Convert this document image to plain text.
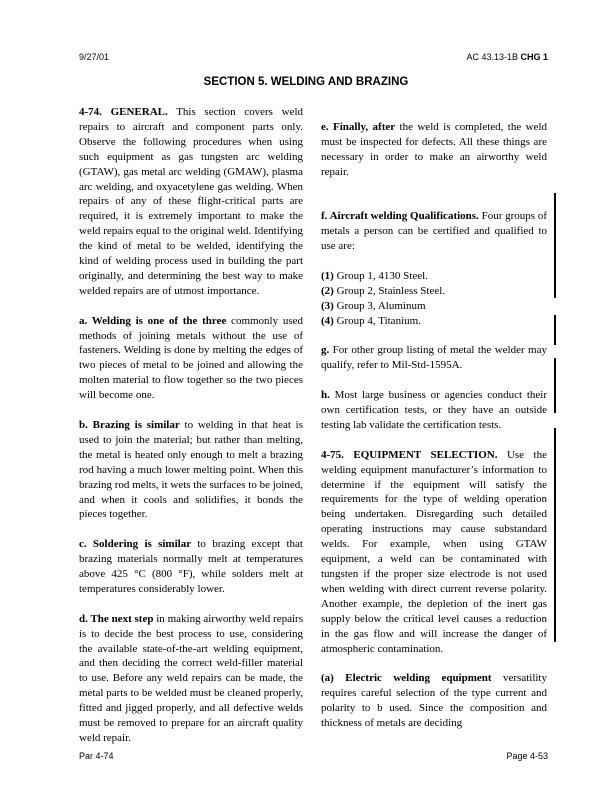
9/27/01	AC 43.13-1B CHG 1
SECTION 5. WELDING AND BRAZING

4-74. GENERAL. This section covers weld repairs to aircraft and component parts only. Observe the following procedures when using such equipment as gas tungsten arc welding (GTAW), gas metal arc welding (GMAW), plasma arc welding, and oxyacetylene gas welding. When repairs of any of these flight-critical parts are required, it is extremely important to make the weld repairs equal to the original weld. Identifying the kind of metal to be welded, identifying the kind of welding process used in building the part originally, and determining the best way to make welded repairs are of utmost importance.

a. Welding is one of the three commonly used methods of joining metals without the use of fasteners. Welding is done by melting the edges of two pieces of metal to be joined and allowing the molten material to flow together so the two pieces will become one.

b. Brazing is similar to welding in that heat is used to join the material; but rather than melting, the metal is heated only enough to melt a brazing rod having a much lower melting point. When this brazing rod melts, it wets the surfaces to be joined, and when it cools and solidifies, it bonds the pieces together.

c. Soldering is similar to brazing except that brazing materials normally melt at temperatures above 425 °C (800 °F), while solders melt at temperatures considerably lower.

d. The next step in making airworthy weld repairs is to decide the best process to use, considering the available state-of-the-art welding equipment, and then deciding the correct weld-filler material to use. Before any weld repairs can be made, the metal parts to be welded must be cleaned properly, fitted and jigged properly, and all defective welds must be removed to prepare for an aircraft quality weld repair.

e. Finally, after the weld is completed, the weld must be inspected for defects. All these things are necessary in order to make an airworthy weld repair.

f. Aircraft welding Qualifications. Four groups of metals a person can be certified and qualified to use are:

(1) Group 1, 4130 Steel.
(2) Group 2, Stainless Steel.
(3) Group 3, Aluminum
(4) Group 4, Titanium.

g. For other group listing of metal the welder may qualify, refer to Mil-Std-1595A.

h. Most large business or agencies conduct their own certification tests, or they have an outside testing lab validate the certification tests.

4-75. EQUIPMENT SELECTION. Use the welding equipment manufacturer’s information to determine if the equipment will satisfy the requirements for the type of welding operation being undertaken. Disregarding such detailed operating instructions may cause substandard welds. For example, when using GTAW equipment, a weld can be contaminated with tungsten if the proper size electrode is not used when welding with direct current reverse polarity. Another example, the depletion of the inert gas supply below the critical level causes a reduction in the gas flow and will increase the danger of atmospheric contamination.

(a) Electric welding equipment versatility requires careful selection of the type current and polarity to b used. Since the composition and thickness of metals are deciding

Par 4-74	Page 4-53
